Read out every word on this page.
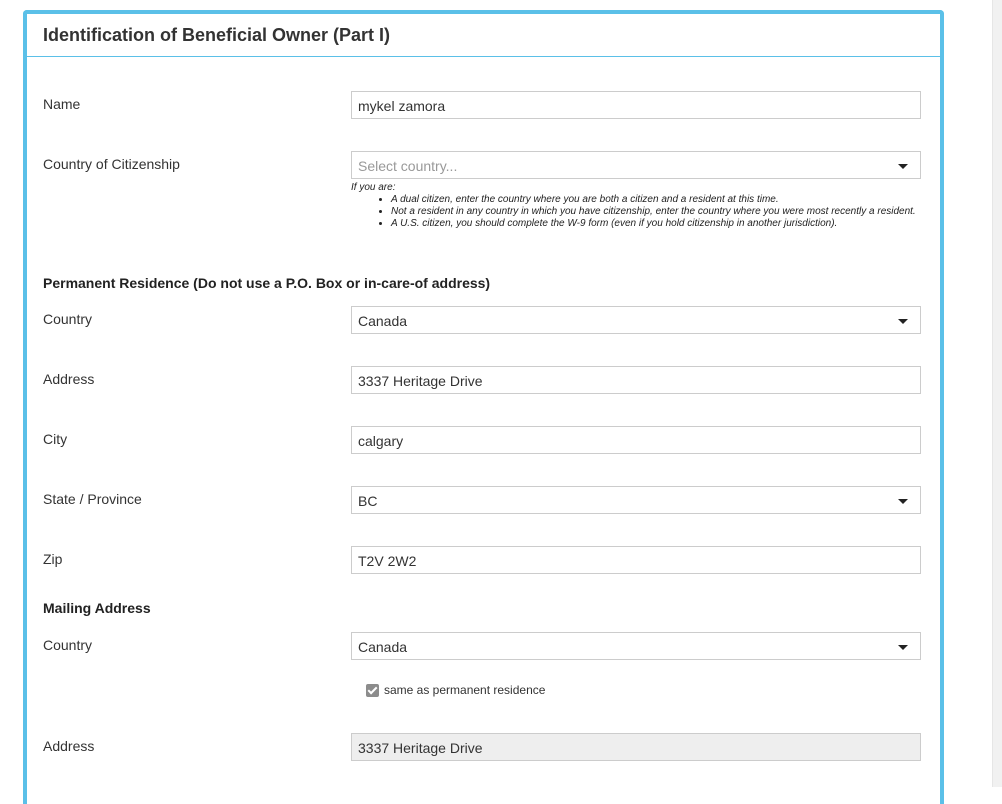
Identification of Beneficial Owner (Part I)
Name	mykel zamora
Country of Citizenship	Select country...
If you are:
• A dual citizen, enter the country where you are both a citizen and a resident at this time.
• Not a resident in any country in which you have citizenship, enter the country where you were most recently a resident.
• A U.S. citizen, you should complete the W-9 form (even if you hold citizenship in another jurisdiction).
Permanent Residence (Do not use a P.O. Box or in-care-of address)
Country	Canada
Address	3337 Heritage Drive
City	calgary
State / Province	BC
Zip	T2V 2W2
Mailing Address
Country	Canada
same as permanent residence
Address	3337 Heritage Drive
